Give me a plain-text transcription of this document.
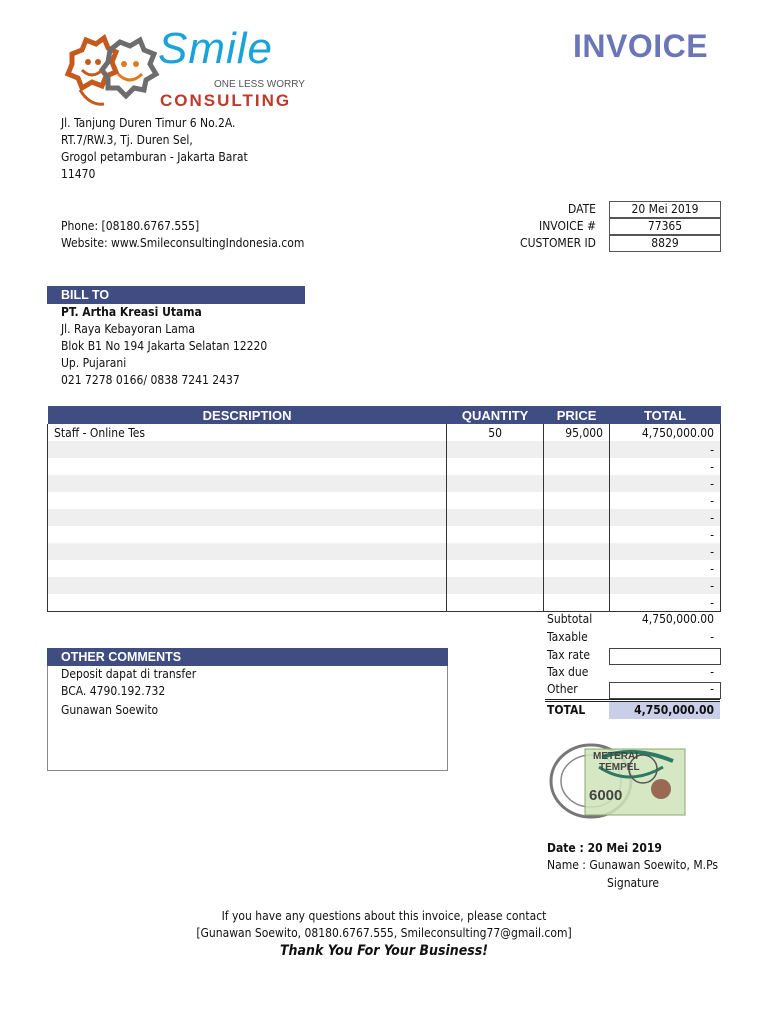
Smile
ONE LESS WORRY
CONSULTING
INVOICE
Jl. Tanjung Duren Timur 6 No.2A.
RT.7/RW.3, Tj. Duren Sel,
Grogol petamburan - Jakarta Barat
11470
Phone: [08180.6767.555]
Website: www.SmileconsultingIndonesia.com
DATE	20 Mei 2019
INVOICE #	77365
CUSTOMER ID	8829
BILL TO
PT. Artha Kreasi Utama
Jl. Raya Kebayoran Lama
Blok B1 No 194 Jakarta Selatan 12220
Up. Pujarani
021 7278 0166/ 0838 7241 2437
DESCRIPTION	QUANTITY	PRICE	TOTAL
Staff - Online Tes	50	95,000	4,750,000.00
			-
			-
			-
			-
			-
			-
			-
			-
			-
			-
Subtotal	4,750,000.00
Taxable	-
Tax rate
Tax due	-
Other	-
TOTAL	4,750,000.00
OTHER COMMENTS
Deposit dapat di transfer
BCA. 4790.192.732
Gunawan Soewito
METERAI
TEMPEL
6000
Date : 20 Mei 2019
Name : Gunawan Soewito, M.Ps
Signature
If you have any questions about this invoice, please contact
[Gunawan Soewito, 08180.6767.555, Smileconsulting77@gmail.com]
Thank You For Your Business!
